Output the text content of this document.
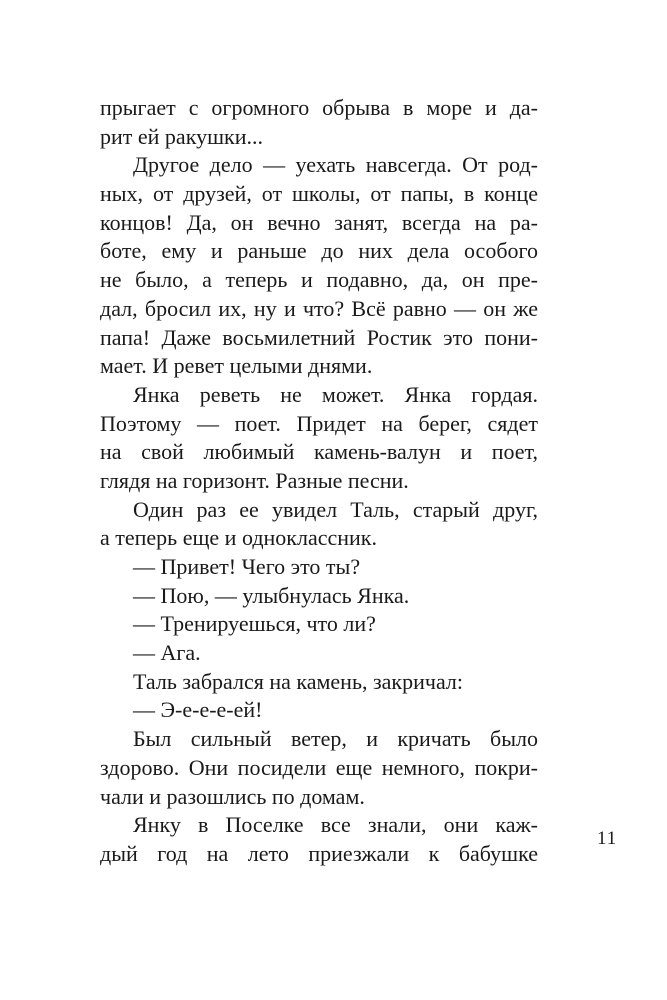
прыгает с огромного обрыва в море и да-
рит ей ракушки...
Другое дело — уехать навсегда. От род-
ных, от друзей, от школы, от папы, в конце
концов! Да, он вечно занят, всегда на ра-
боте, ему и раньше до них дела особого
не было, а теперь и подавно, да, он пре-
дал, бросил их, ну и что? Всё равно — он же
папа! Даже восьмилетний Ростик это пони-
мает. И ревет целыми днями.
Янка реветь не может. Янка гордая.
Поэтому — поет. Придет на берег, сядет
на свой любимый камень-валун и поет,
глядя на горизонт. Разные песни.
Один раз ее увидел Таль, старый друг,
а теперь еще и одноклассник.
— Привет! Чего это ты?
— Пою, — улыбнулась Янка.
— Тренируешься, что ли?
— Ага.
Таль забрался на камень, закричал:
— Э-е-е-е-ей!
Был сильный ветер, и кричать было
здорово. Они посидели еще немного, покри-
чали и разошлись по домам.
Янку в Поселке все знали, они каж-
дый год на лето приезжали к бабушке
11
